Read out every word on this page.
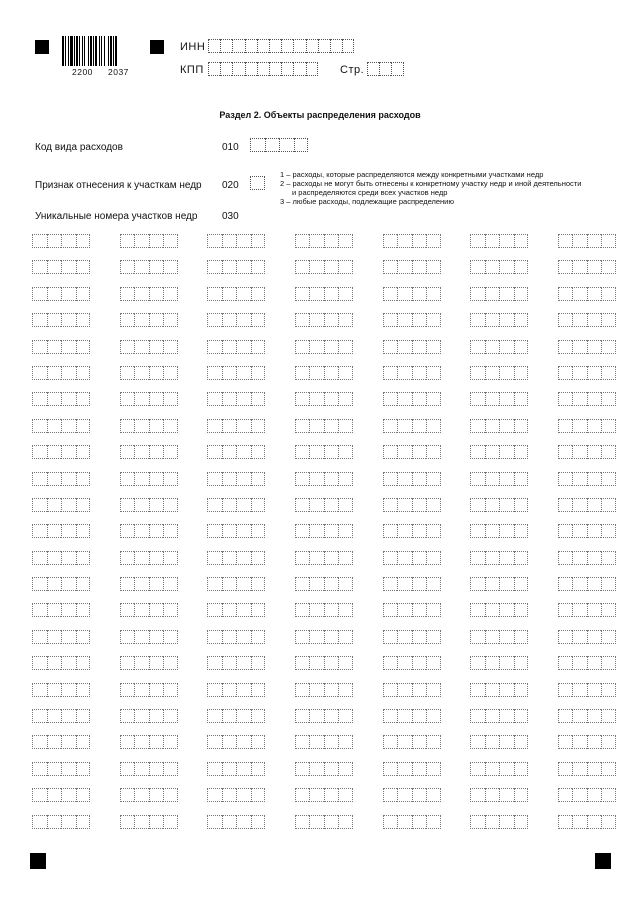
2200 2037
ИНН
КПП	Стр.
Раздел 2. Объекты распределения расходов
Код вида расходов	010
Признак отнесения к участкам недр 020
1 – расходы, которые распределяются между конкретными участками недр
2 – расходы не могут быть отнесены к конкретному участку недр и иной деятельности
и распределяются среди всех участков недр
3 – любые расходы, подлежащие распределению
Уникальные номера участков недр 030
